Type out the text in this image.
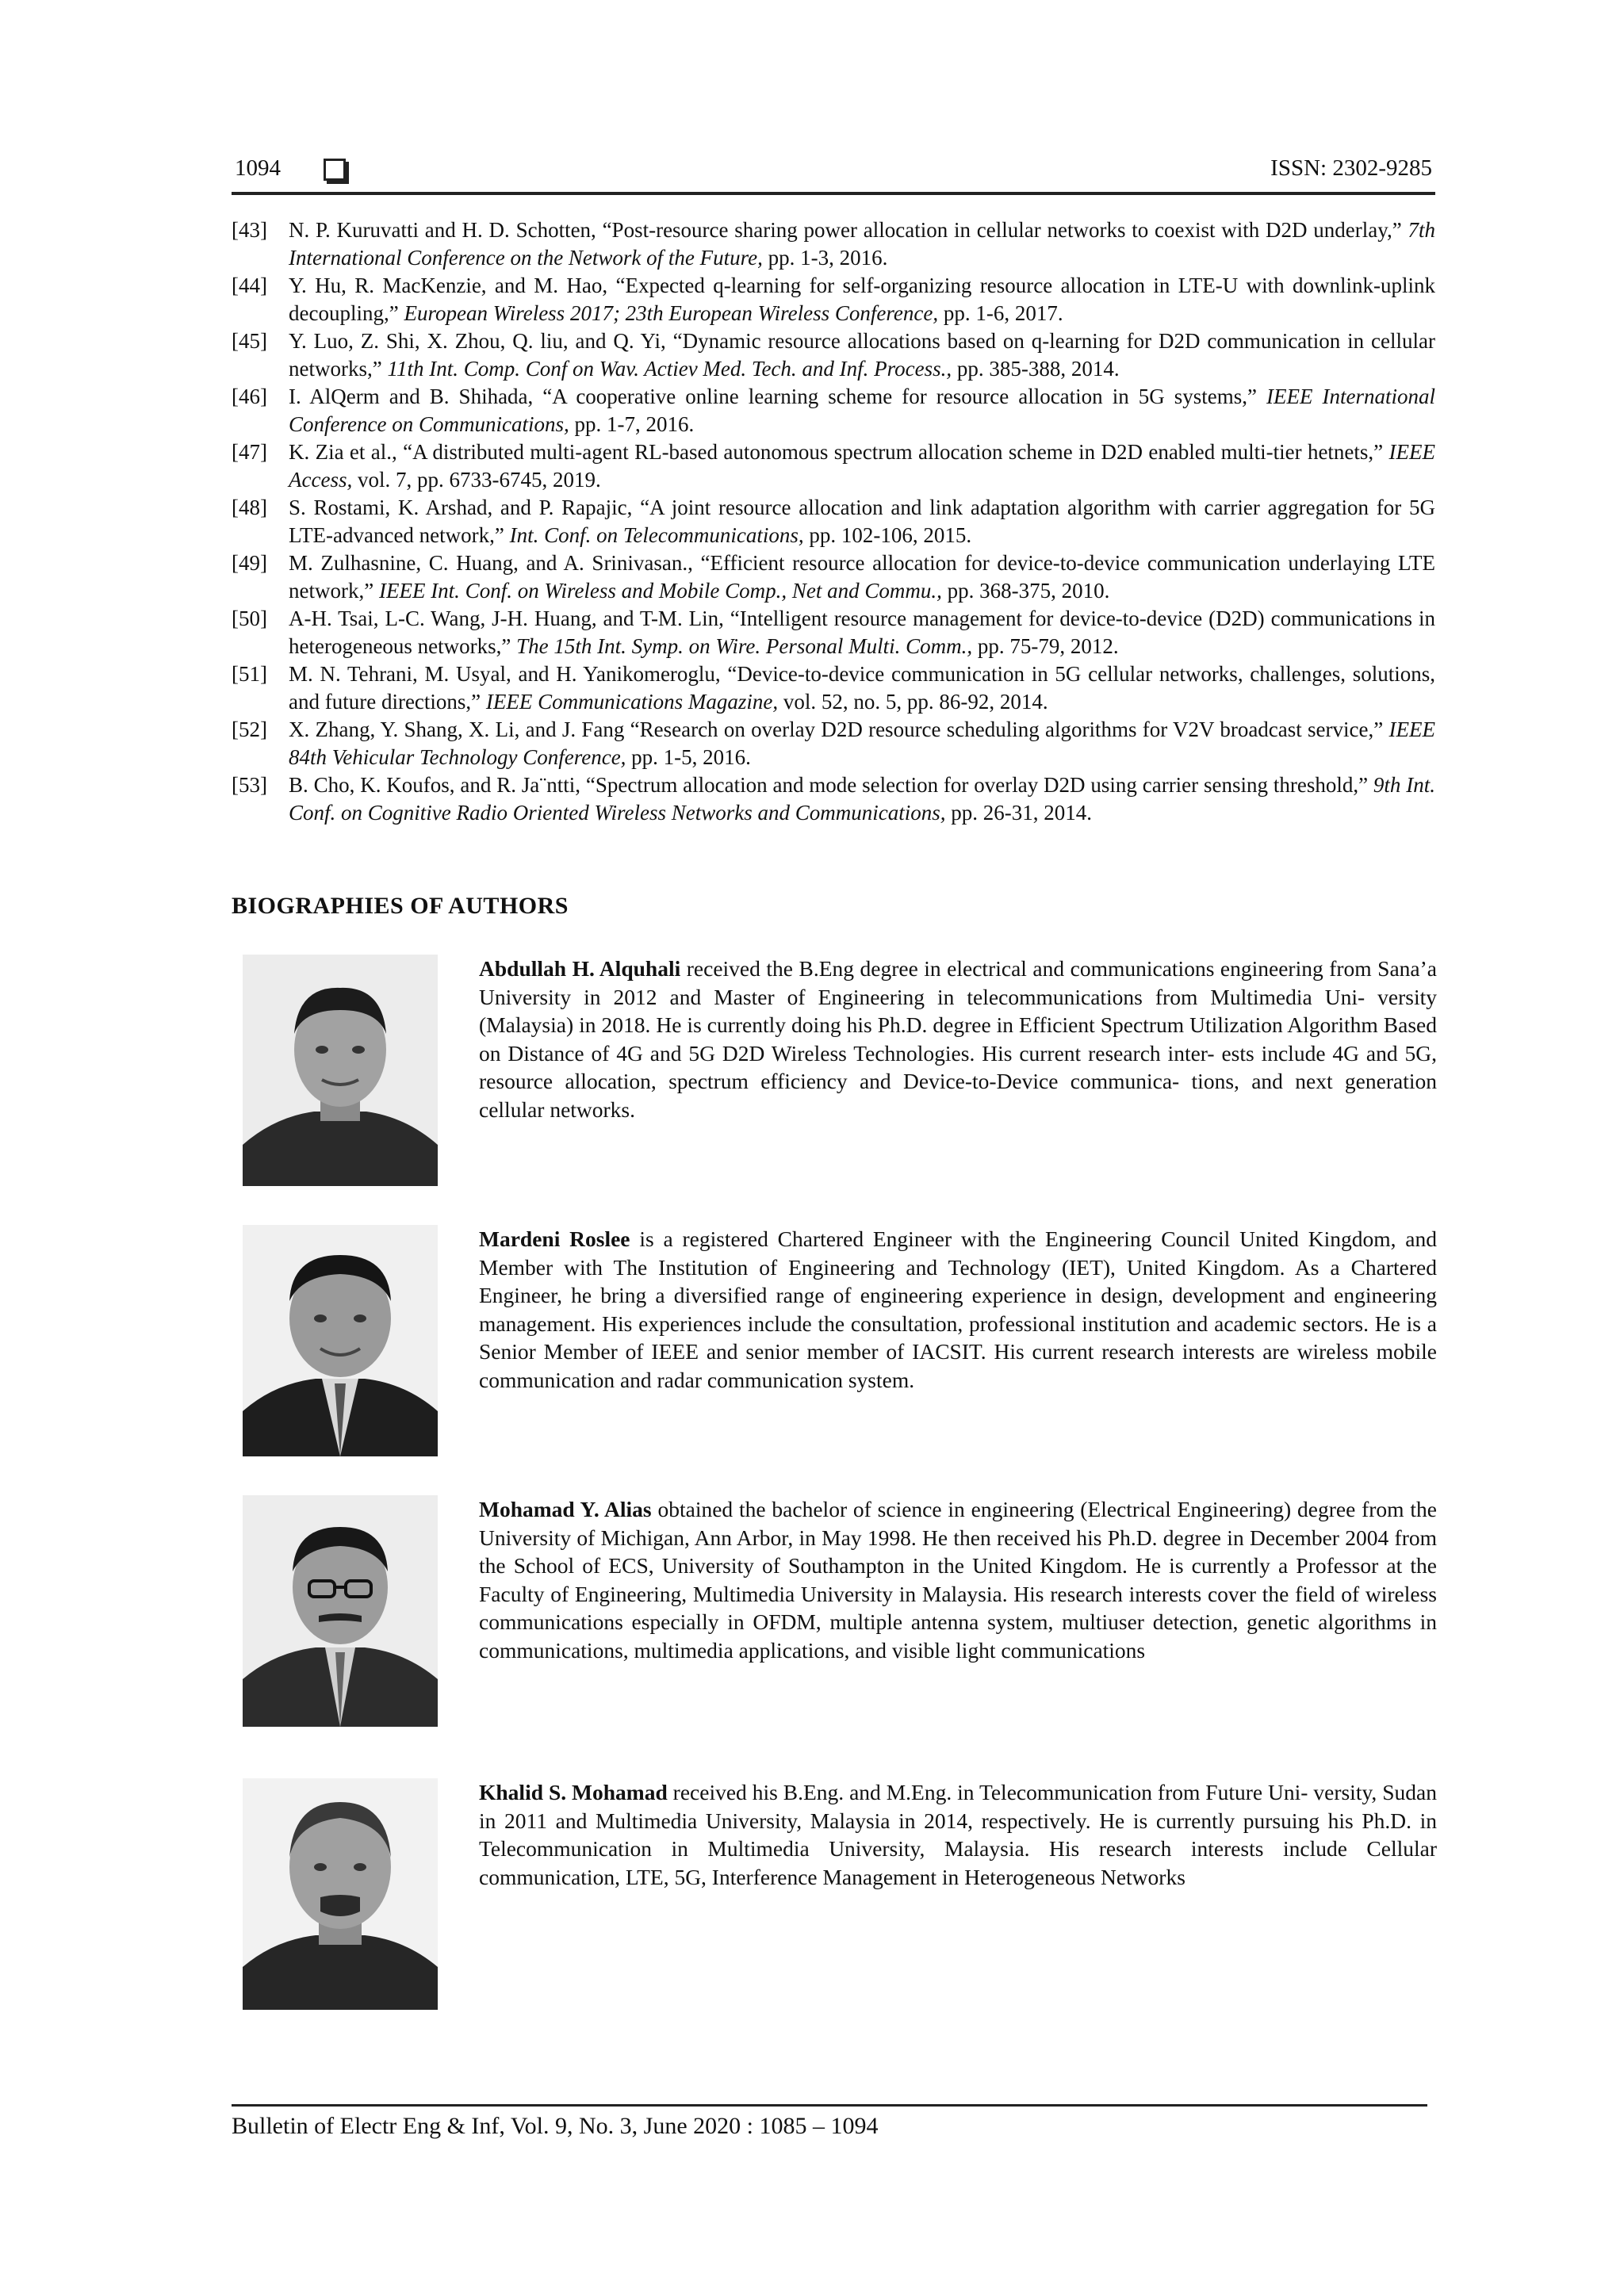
1094	ISSN: 2302-9285

[43] N. P. Kuruvatti and H. D. Schotten, “Post-resource sharing power allocation in cellular networks to coexist with D2D underlay,” 7th International Conference on the Network of the Future, pp. 1-3, 2016.

[44] Y. Hu, R. MacKenzie, and M. Hao, “Expected q-learning for self-organizing resource allocation in LTE-U with downlink-uplink decoupling,” European Wireless 2017; 23th European Wireless Conference, pp. 1-6, 2017.

[45] Y. Luo, Z. Shi, X. Zhou, Q. liu, and Q. Yi, “Dynamic resource allocations based on q-learning for D2D communication in cellular networks,” 11th Int. Comp. Conf on Wav. Actiev Med. Tech. and Inf. Process., pp. 385-388, 2014.

[46] I. AlQerm and B. Shihada, “A cooperative online learning scheme for resource allocation in 5G systems,” IEEE International Conference on Communications, pp. 1-7, 2016.

[47] K. Zia et al., “A distributed multi-agent RL-based autonomous spectrum allocation scheme in D2D enabled multi-tier hetnets,” IEEE Access, vol. 7, pp. 6733-6745, 2019.

[48] S. Rostami, K. Arshad, and P. Rapajic, “A joint resource allocation and link adaptation algorithm with carrier aggregation for 5G LTE-advanced network,” Int. Conf. on Telecommunications, pp. 102-106, 2015.

[49] M. Zulhasnine, C. Huang, and A. Srinivasan., “Efficient resource allocation for device-to-device communication underlaying LTE network,” IEEE Int. Conf. on Wireless and Mobile Comp., Net and Commu., pp. 368-375, 2010.

[50] A-H. Tsai, L-C. Wang, J-H. Huang, and T-M. Lin, “Intelligent resource management for device-to-device (D2D) communications in heterogeneous networks,” The 15th Int. Symp. on Wire. Personal Multi. Comm., pp. 75-79, 2012.

[51] M. N. Tehrani, M. Usyal, and H. Yanikomeroglu, “Device-to-device communication in 5G cellular networks, challenges, solutions, and future directions,” IEEE Communications Magazine, vol. 52, no. 5, pp. 86-92, 2014.

[52] X. Zhang, Y. Shang, X. Li, and J. Fang “Research on overlay D2D resource scheduling algorithms for V2V broadcast service,” IEEE 84th Vehicular Technology Conference, pp. 1-5, 2016.

[53] B. Cho, K. Koufos, and R. Ja¨ntti, “Spectrum allocation and mode selection for overlay D2D using carrier sensing threshold,” 9th Int. Conf. on Cognitive Radio Oriented Wireless Networks and Communications, pp. 26-31, 2014.

BIOGRAPHIES OF AUTHORS
Abdullah H. Alquhali received the B.Eng degree in electrical and communications engineering from Sana’a University in 2012 and Master of Engineering in telecommunications from Multimedia Uni- versity (Malaysia) in 2018. He is currently doing his Ph.D. degree in Efficient Spectrum Utilization Algorithm Based on Distance of 4G and 5G D2D Wireless Technologies. His current research inter- ests include 4G and 5G, resource allocation, spectrum efficiency and Device-to-Device communica- tions, and next generation cellular networks.
Mardeni Roslee is a registered Chartered Engineer with the Engineering Council United Kingdom, and Member with The Institution of Engineering and Technology (IET), United Kingdom. As a Chartered Engineer, he bring a diversified range of engineering experience in design, development and engineering management. His experiences include the consultation, professional institution and academic sectors. He is a Senior Member of IEEE and senior member of IACSIT. His current research interests are wireless mobile communication and radar communication system.
Mohamad Y. Alias obtained the bachelor of science in engineering (Electrical Engineering) degree from the University of Michigan, Ann Arbor, in May 1998. He then received his Ph.D. degree in December 2004 from the School of ECS, University of Southampton in the United Kingdom. He is currently a Professor at the Faculty of Engineering, Multimedia University in Malaysia. His research interests cover the field of wireless communications especially in OFDM, multiple antenna system, multiuser detection, genetic algorithms in communications, multimedia applications, and visible light communications
Khalid S. Mohamad received his B.Eng. and M.Eng. in Telecommunication from Future Uni- versity, Sudan in 2011 and Multimedia University, Malaysia in 2014, respectively. He is currently pursuing his Ph.D. in Telecommunication in Multimedia University, Malaysia. His research interests include Cellular communication, LTE, 5G, Interference Management in Heterogeneous Networks
Bulletin of Electr Eng & Inf, Vol. 9, No. 3, June 2020 : 1085 – 1094
